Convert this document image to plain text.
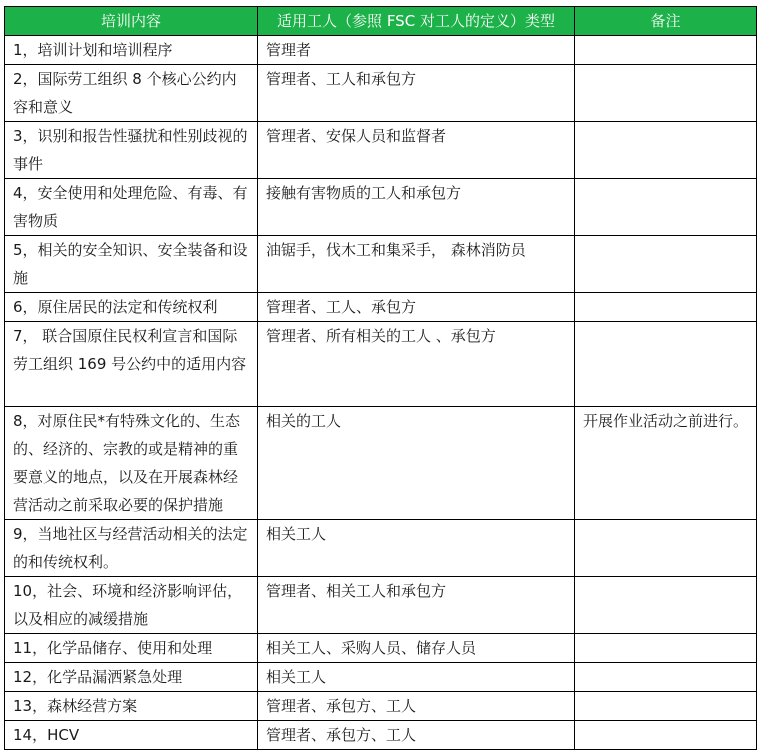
培训内容	适用工人（参照 FSC 对工人的定义）类型	备注
1，培训计划和培训程序	管理者	
2，国际劳工组织 8 个核心公约内容和意义	管理者、工人和承包方	
3，识别和报告性骚扰和性别歧视的事件	管理者、安保人员和监督者	
4，安全使用和处理危险、有毒、有害物质	接触有害物质的工人和承包方	
5，相关的安全知识、安全装备和设施	油锯手，伐木工和集采手， 森林消防员	
6，原住居民的法定和传统权利	管理者、工人、承包方	
7， 联合国原住民权利宣言和国际劳工组织 169 号公约中的适用内容	管理者、所有相关的工人 、承包方	
8，对原住民*有特殊文化的、生态的、经济的、宗教的或是精神的重要意义的地点，以及在开展森林经营活动之前采取必要的保护措施	相关的工人	开展作业活动之前进行。
9，当地社区与经营活动相关的法定的和传统权利。	相关工人	
10，社会、环境和经济影响评估，以及相应的减缓措施	管理者、相关工人和承包方	
11，化学品储存、使用和处理	相关工人、采购人员、储存人员	
12，化学品漏洒紧急处理	相关工人	
13，森林经营方案	管理者、承包方、工人	
14，HCV	管理者、承包方、工人	
